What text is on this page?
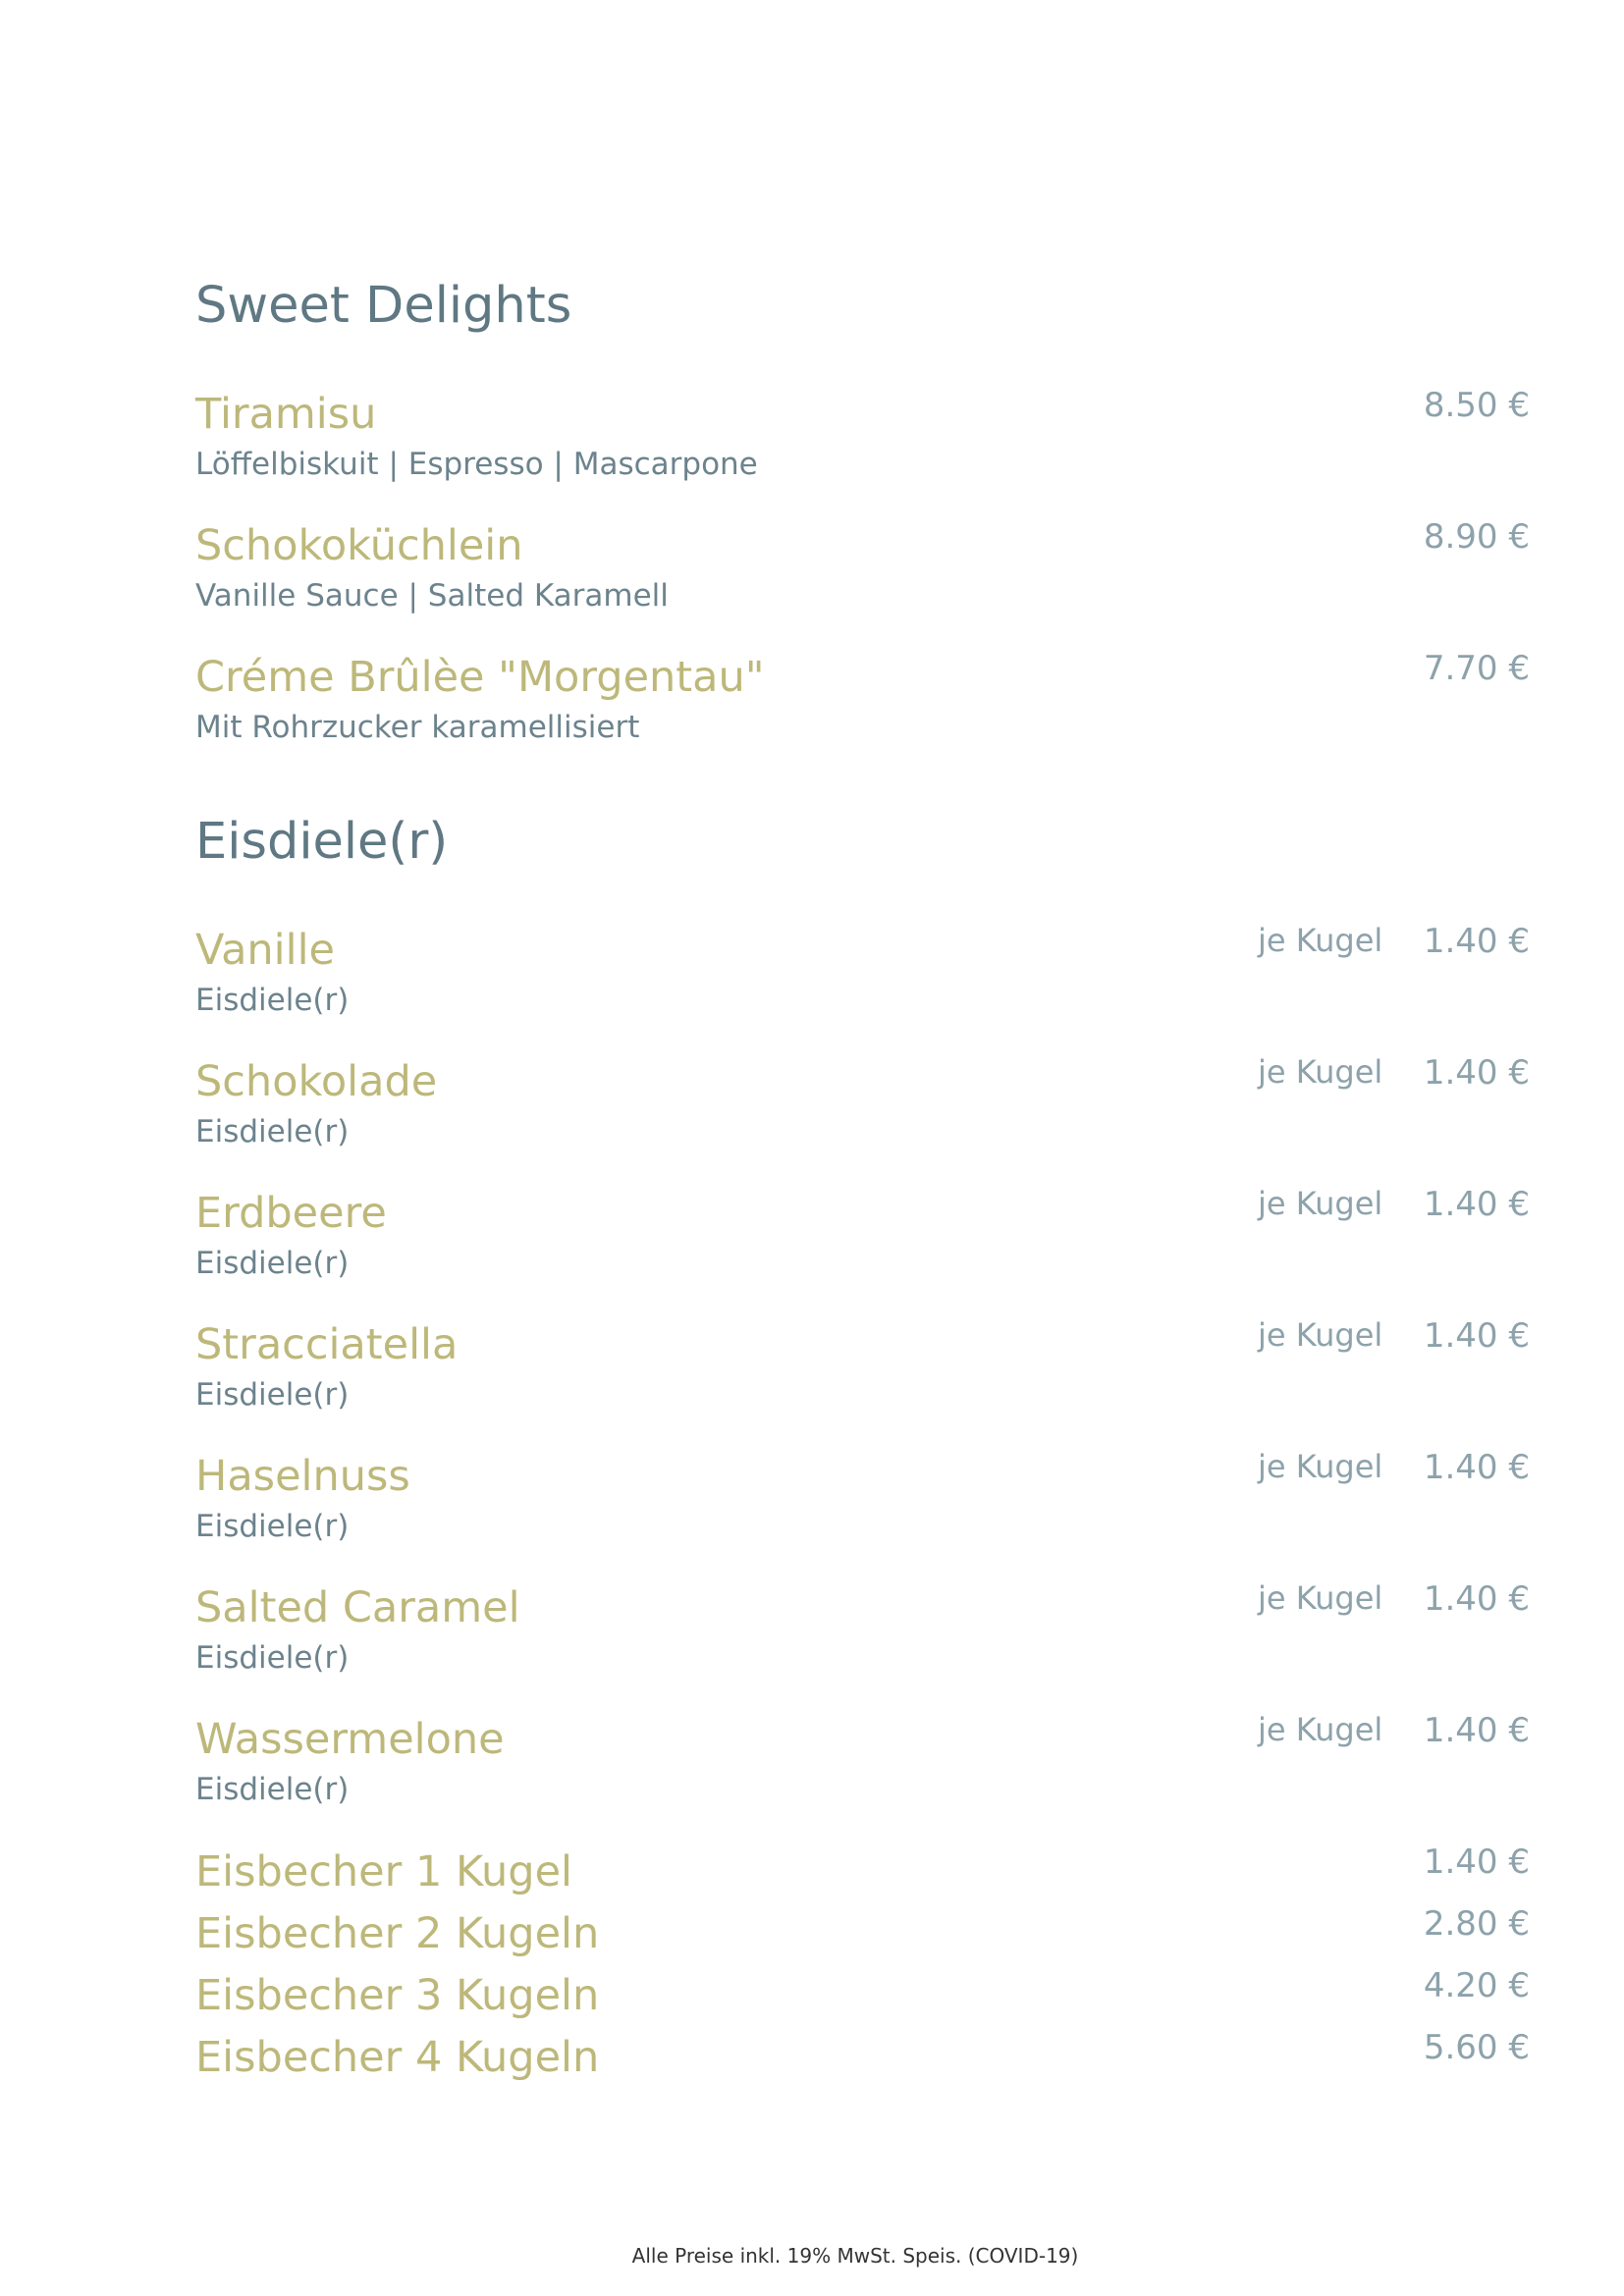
Sweet Delights
Tiramisu
Löffelbiskuit | Espresso | Mascarpone
8.50 €
Schokoküchlein
Vanille Sauce | Salted Karamell
8.90 €
Créme Brûlèe "Morgentau"
Mit Rohrzucker karamellisiert
7.70 €
Eisdiele(r)
Vanille
Eisdiele(r)
je Kugel 1.40 €
Schokolade
Eisdiele(r)
je Kugel 1.40 €
Erdbeere
Eisdiele(r)
je Kugel 1.40 €
Stracciatella
Eisdiele(r)
je Kugel 1.40 €
Haselnuss
Eisdiele(r)
je Kugel 1.40 €
Salted Caramel
Eisdiele(r)
je Kugel 1.40 €
Wassermelone
Eisdiele(r)
je Kugel 1.40 €
Eisbecher 1 Kugel	1.40 €
Eisbecher 2 Kugeln	2.80 €
Eisbecher 3 Kugeln	4.20 €
Eisbecher 4 Kugeln	5.60 €
Alle Preise inkl. 19% MwSt. Speis. (COVID-19)
